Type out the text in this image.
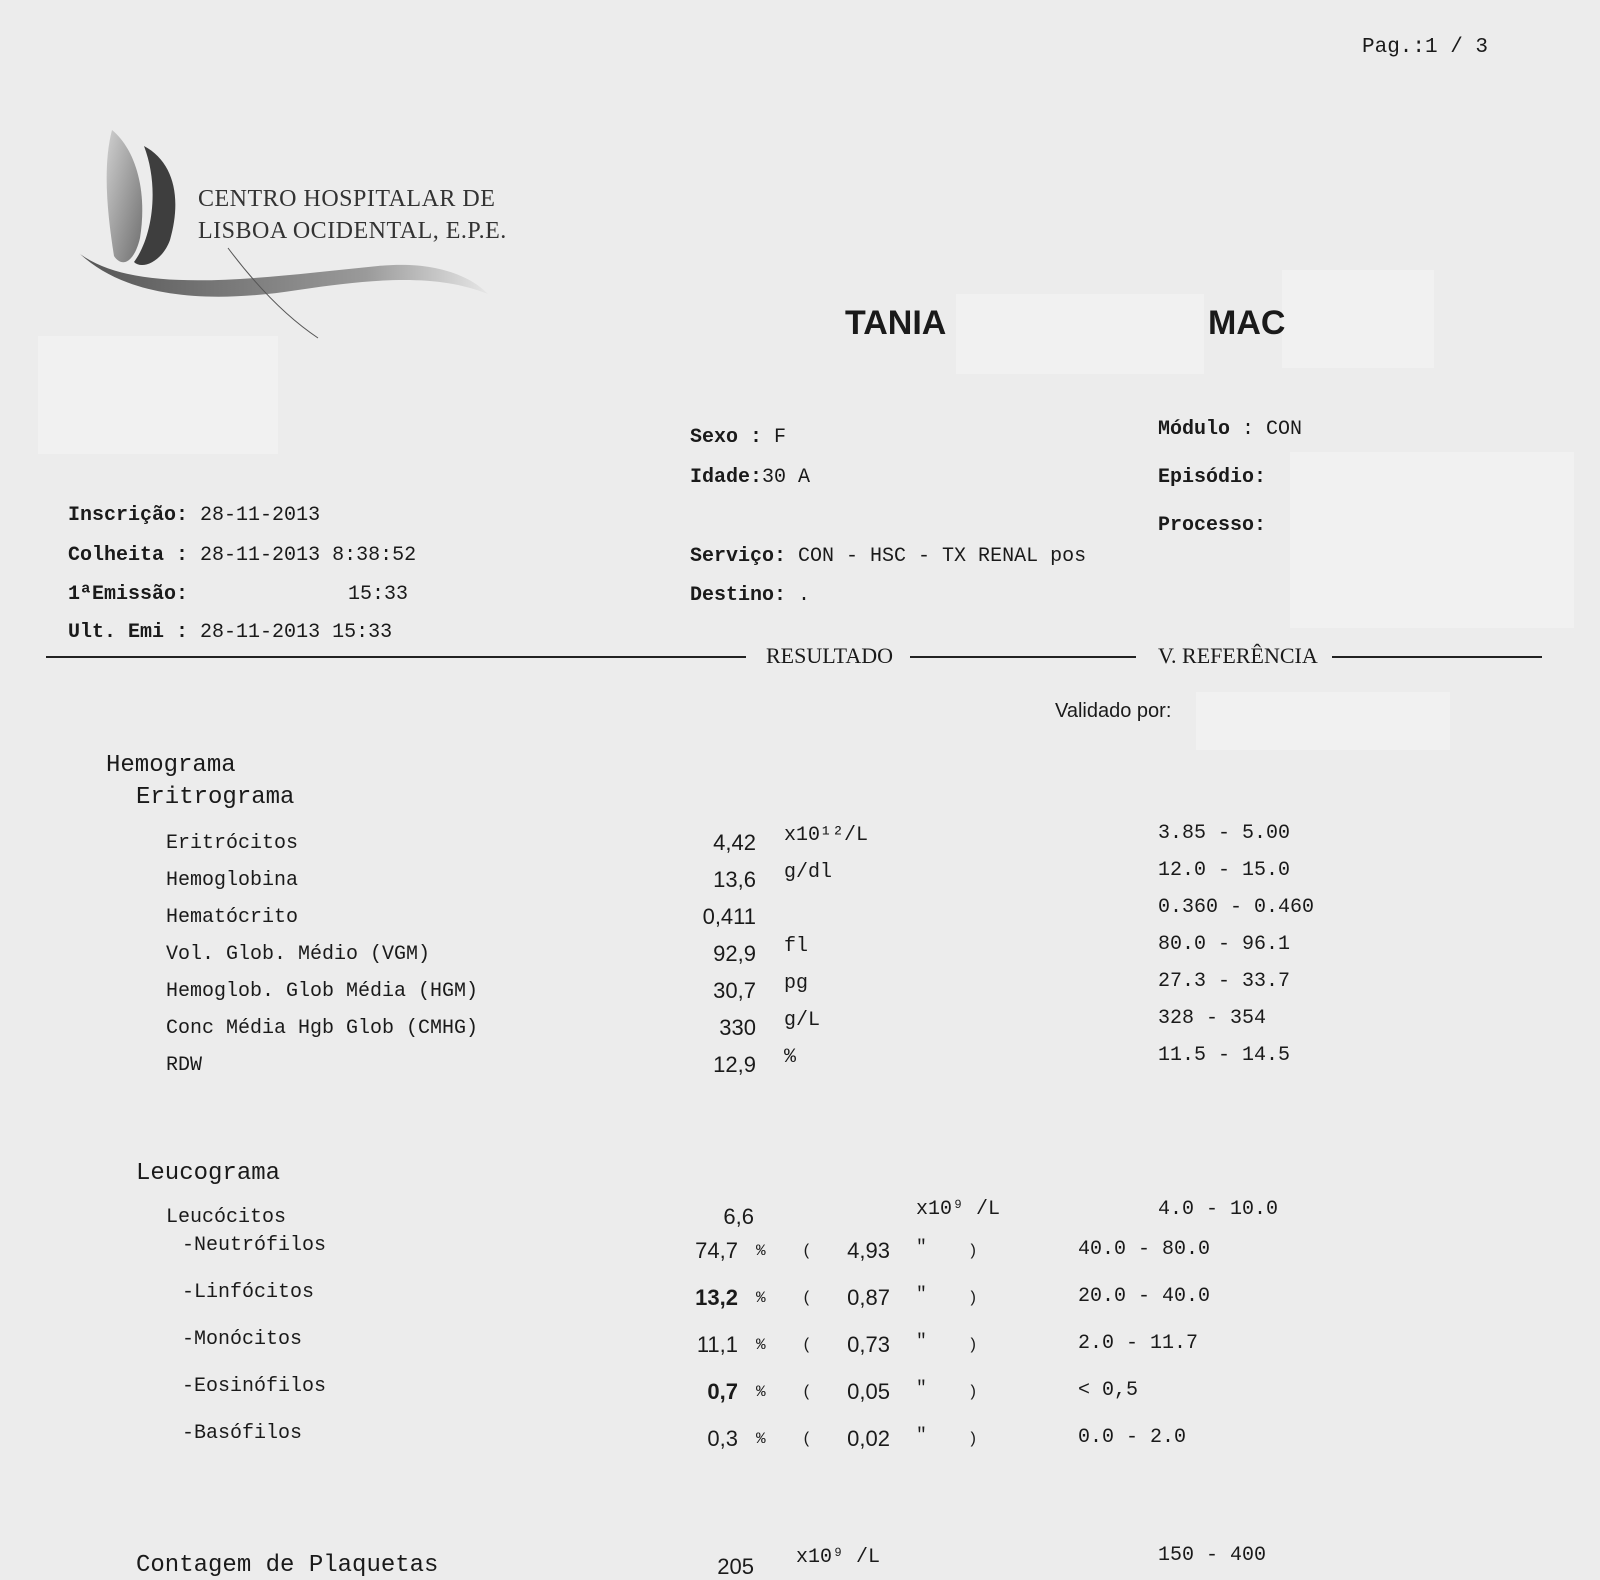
Pag.:1 / 3
CENTRO HOSPITALAR DE
LISBOA OCIDENTAL, E.P.E.
TANIA	MAC
Sexo : F
Idade:30 A
Serviço: CON - HSC - TX RENAL pos
Destino: .
Módulo : CON
Episódio:
Processo:
Inscrição: 28-11-2013
Colheita : 28-11-2013 8:38:52
1ªEmissão:	15:33
Ult. Emi : 28-11-2013 15:33
RESULTADO	V. REFERÊNCIA
Validado por:
Hemograma
Eritrograma
Eritrócitos	4,42 x10¹²/L	3.85 - 5.00
Hemoglobina	13,6 g/dl	12.0 - 15.0
Hematócrito	0,411	0.360 - 0.460
Vol. Glob. Médio (VGM)	92,9 fl	80.0 - 96.1
Hemoglob. Glob Média (HGM)	30,7 pg	27.3 - 33.7
Conc Média Hgb Glob (CMHG)	330 g/L	328 - 354
RDW	12,9 %	11.5 - 14.5
Leucograma
Leucócitos	6,6	x10⁹ /L	4.0 - 10.0
-Neutrófilos	74,7 % (	4,93 "	)	40.0 - 80.0
-Linfócitos	13,2 % (	0,87 "	)	20.0 - 40.0
-Monócitos	11,1 % (	0,73 "	)	2.0 - 11.7
-Eosinófilos	0,7 % (	0,05 "	)	< 0,5
-Basófilos	0,3 % (	0,02 "	)	0.0 - 2.0
Contagem de Plaquetas	205 x10⁹ /L	150 - 400
